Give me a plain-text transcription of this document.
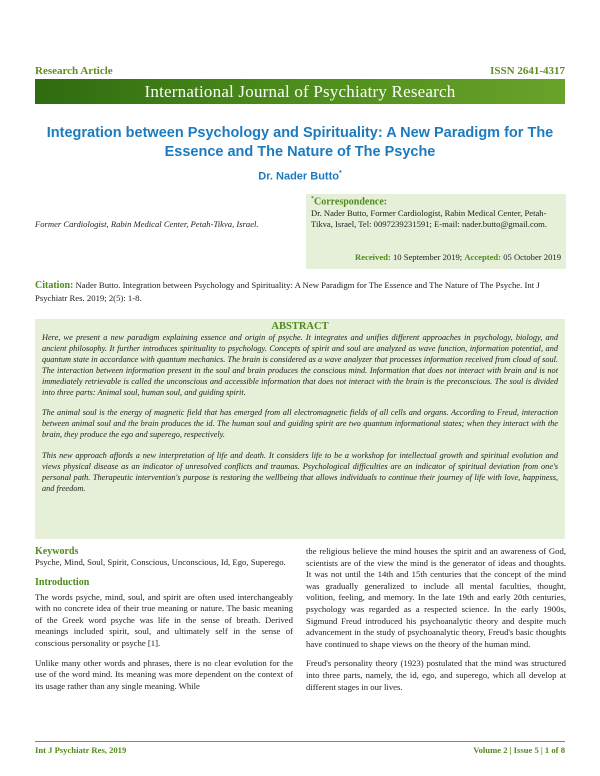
Research Article	ISSN 2641-4317
International Journal of Psychiatry Research
Integration between Psychology and Spirituality: A New Paradigm for The Essence and The Nature of The Psyche
Dr. Nader Butto*
Former Cardiologist, Rabin Medical Center, Petah-Tikva, Israel.
*Correspondence:
Dr. Nader Butto, Former Cardiologist, Rabin Medical Center, Petah-Tikva, Israel, Tel: 0097239231591; E-mail: nader.butto@gmail.com.
Received: 10 September 2019; Accepted: 05 October 2019
Citation: Nader Butto. Integration between Psychology and Spirituality: A New Paradigm for The Essence and The Nature of The Psyche. Int J Psychiatr Res. 2019; 2(5): 1-8.
ABSTRACT

Here, we present a new paradigm explaining essence and origin of psyche. It integrates and unifies different approaches in psychology, biology, and ancient philosophy. It further introduces spirituality to psychology. Concepts of spirit and soul are analyzed as wave function, information potential, and quantum state in accordance with quantum mechanics. The brain is considered as a wave analyzer that processes information received from cloud of soul. The interaction between information present in the soul and brain produces the conscious mind. Information that does not interact with brain and is not immediately retrievable is called the unconscious and accessible information that does not interact with the brain is the preconscious. The soul is divided into three parts: Animal soul, human soul, and guiding spirit.

The animal soul is the energy of magnetic field that has emerged from all electromagnetic fields of all cells and organs. According to Freud, interaction between animal soul and the brain produces the id. The human soul and guiding spirit are two quantum informational states; when they interact with the brain, they produce the ego and superego, respectively.

This new approach affords a new interpretation of life and death. It considers life to be a workshop for intellectual growth and spiritual evolution and views physical disease as an indicator of unresolved conflicts and traumas. Psychological difficulties are an indicator of spiritual deviation from one's personal path. Therapeutic intervention's purpose is restoring the wellbeing that allows individuals to continue their journey of life with love, happiness, and freedom.

Keywords

Psyche, Mind, Soul, Spirit, Conscious, Unconscious, Id, Ego, Superego.

Introduction

The words psyche, mind, soul, and spirit are often used interchangeably with no concrete idea of their true meaning or nature. The basic meaning of the Greek word psyche was life in the sense of breath. Derived meanings included spirit, soul, and ultimately self in the sense of conscious personality or psyche [1].

Unlike many other words and phrases, there is no clear evolution for the use of the word mind. Its meaning was more dependent on the context of its usage rather than any single meaning. While

the religious believe the mind houses the spirit and an awareness of God, scientists are of the view the mind is the generator of ideas and thoughts. It was not until the 14th and 15th centuries that the concept of the mind was gradually generalized to include all mental faculties, thought, volition, feeling, and memory. In the late 19th and early 20th centuries, psychology was regarded as a respected science. In the early 1900s, Sigmund Freud introduced his psychoanalytic theory and despite much advancement in the study of psychoanalytic theory, Freud's basic thoughts have continued to shape views on the theory of the human mind.

Freud's personality theory (1923) postulated that the mind was structured into three parts, namely, the id, ego, and superego, which all develop at different stages in our lives.

Int J Psychiatr Res, 2019	Volume 2 | Issue 5 | 1 of 8
